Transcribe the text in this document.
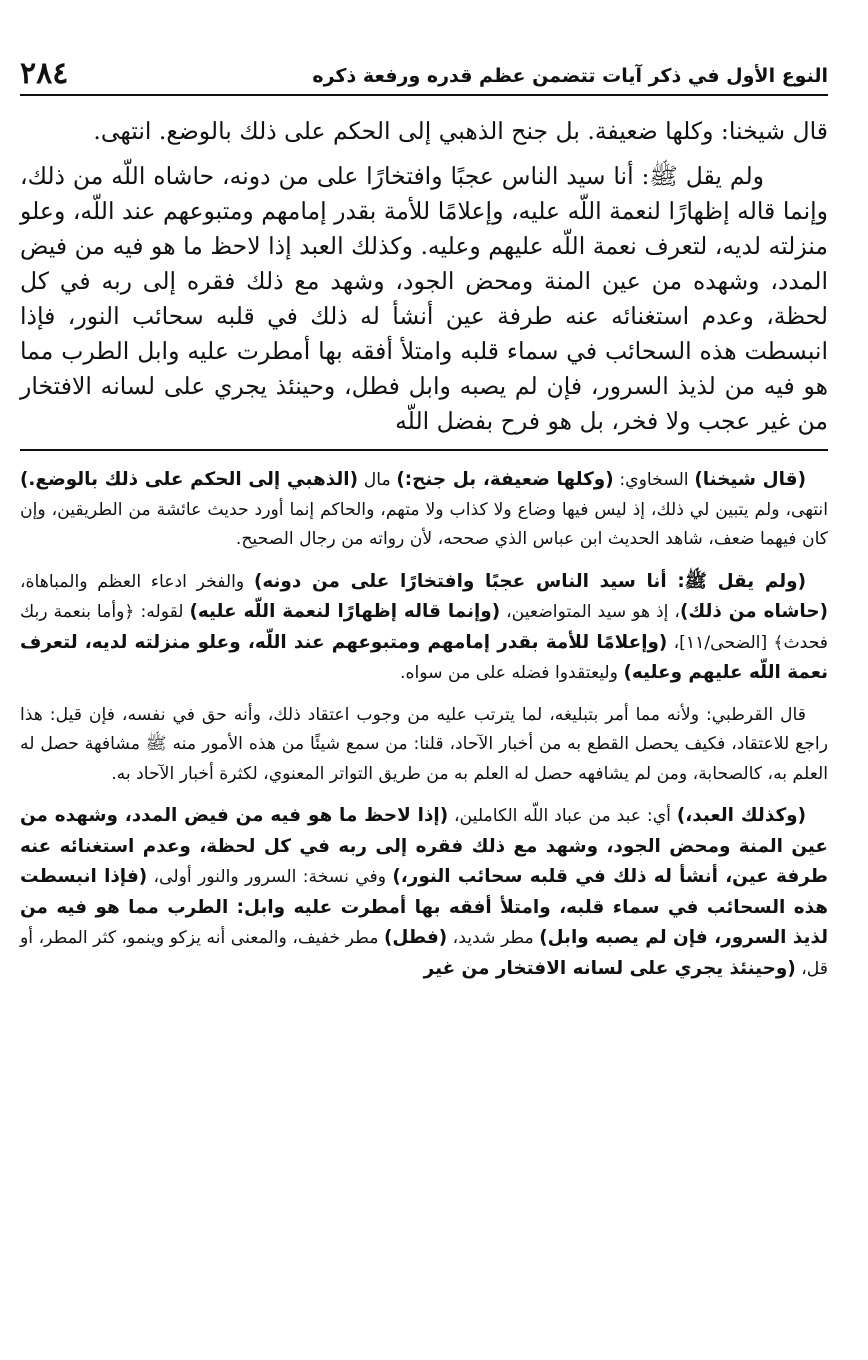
النوع الأول في ذكر آيات تتضمن عظم قدره ورفعة ذكره
٢٨٤

قال شيخنا: وكلها ضعيفة. بل جنح الذهبي إلى الحكم على ذلك بالوضع. انتهى.

ولم يقل ﷺ: أنا سيد الناس عجبًا وافتخارًا على من دونه، حاشاه اللّه من ذلك، وإنما قاله إظهارًا لنعمة اللّه عليه، وإعلامًا للأمة بقدر إمامهم ومتبوعهم عند اللّه، وعلو منزلته لديه، لتعرف نعمة اللّه عليهم وعليه. وكذلك العبد إذا لاحظ ما هو فيه من فيض المدد، وشهده من عين المنة ومحض الجود، وشهد مع ذلك فقره إلى ربه في كل لحظة، وعدم استغنائه عنه طرفة عين أنشأ له ذلك في قلبه سحائب النور، فإذا انبسطت هذه السحائب في سماء قلبه وامتلأ أفقه بها أمطرت عليه وابل الطرب مما هو فيه من لذيذ السرور، فإن لم يصبه وابل فطل، وحينئذ يجري على لسانه الافتخار من غير عجب ولا فخر، بل هو فرح بفضل اللّه

(قال شيخنا) السخاوي: (وكلها ضعيفة، بل جنح:) مال (الذهبي إلى الحكم على ذلك بالوضع.) انتهى، ولم يتبين لي ذلك، إذ ليس فيها وضاع ولا كذاب ولا متهم، والحاكم إنما أورد حديث عائشة من الطريقين، وإن كان فيهما ضعف، شاهد الحديث ابن عباس الذي صححه، لأن رواته من رجال الصحيح.

(ولم يقل ﷺ: أنا سيد الناس عجبًا وافتخارًا على من دونه) والفخر ادعاء العظم والمباهاة، (حاشاه من ذلك)، إذ هو سيد المتواضعين، (وإنما قاله إظهارًا لنعمة اللّه عليه) لقوله: ﴿وأما بنعمة ربك فحدث﴾ [الضحى/١١]، (وإعلامًا للأمة بقدر إمامهم ومتبوعهم عند اللّه، وعلو منزلته لديه، لتعرف نعمة اللّه عليهم وعليه) وليعتقدوا فضله على من سواه.

قال القرطبي: ولأنه مما أمر بتبليغه، لما يترتب عليه من وجوب اعتقاد ذلك، وأنه حق في نفسه، فإن قيل: هذا راجع للاعتقاد، فكيف يحصل القطع به من أخبار الآحاد، قلنا: من سمع شيئًا من هذه الأمور منه ﷺ مشافهة حصل له العلم به، كالصحابة، ومن لم يشافهه حصل له العلم به من طريق التواتر المعنوي، لكثرة أخبار الآحاد به.

(وكذلك العبد،) أي: عبد من عباد اللّه الكاملين، (إذا لاحظ ما هو فيه من فيض المدد، وشهده من عين المنة ومحض الجود، وشهد مع ذلك فقره إلى ربه في كل لحظة، وعدم استغنائه عنه طرفة عين، أنشأ له ذلك في قلبه سحائب النور،) وفي نسخة: السرور والنور أولى، (فإذا انبسطت هذه السحائب في سماء قلبه، وامتلأ أفقه بها أمطرت عليه وابل: الطرب مما هو فيه من لذيذ السرور، فإن لم يصبه وابل) مطر شديد، (فطل) مطر خفيف، والمعنى أنه يزكو وينمو، كثر المطر، أو قل، (وحينئذ يجري على لسانه الافتخار من غير
